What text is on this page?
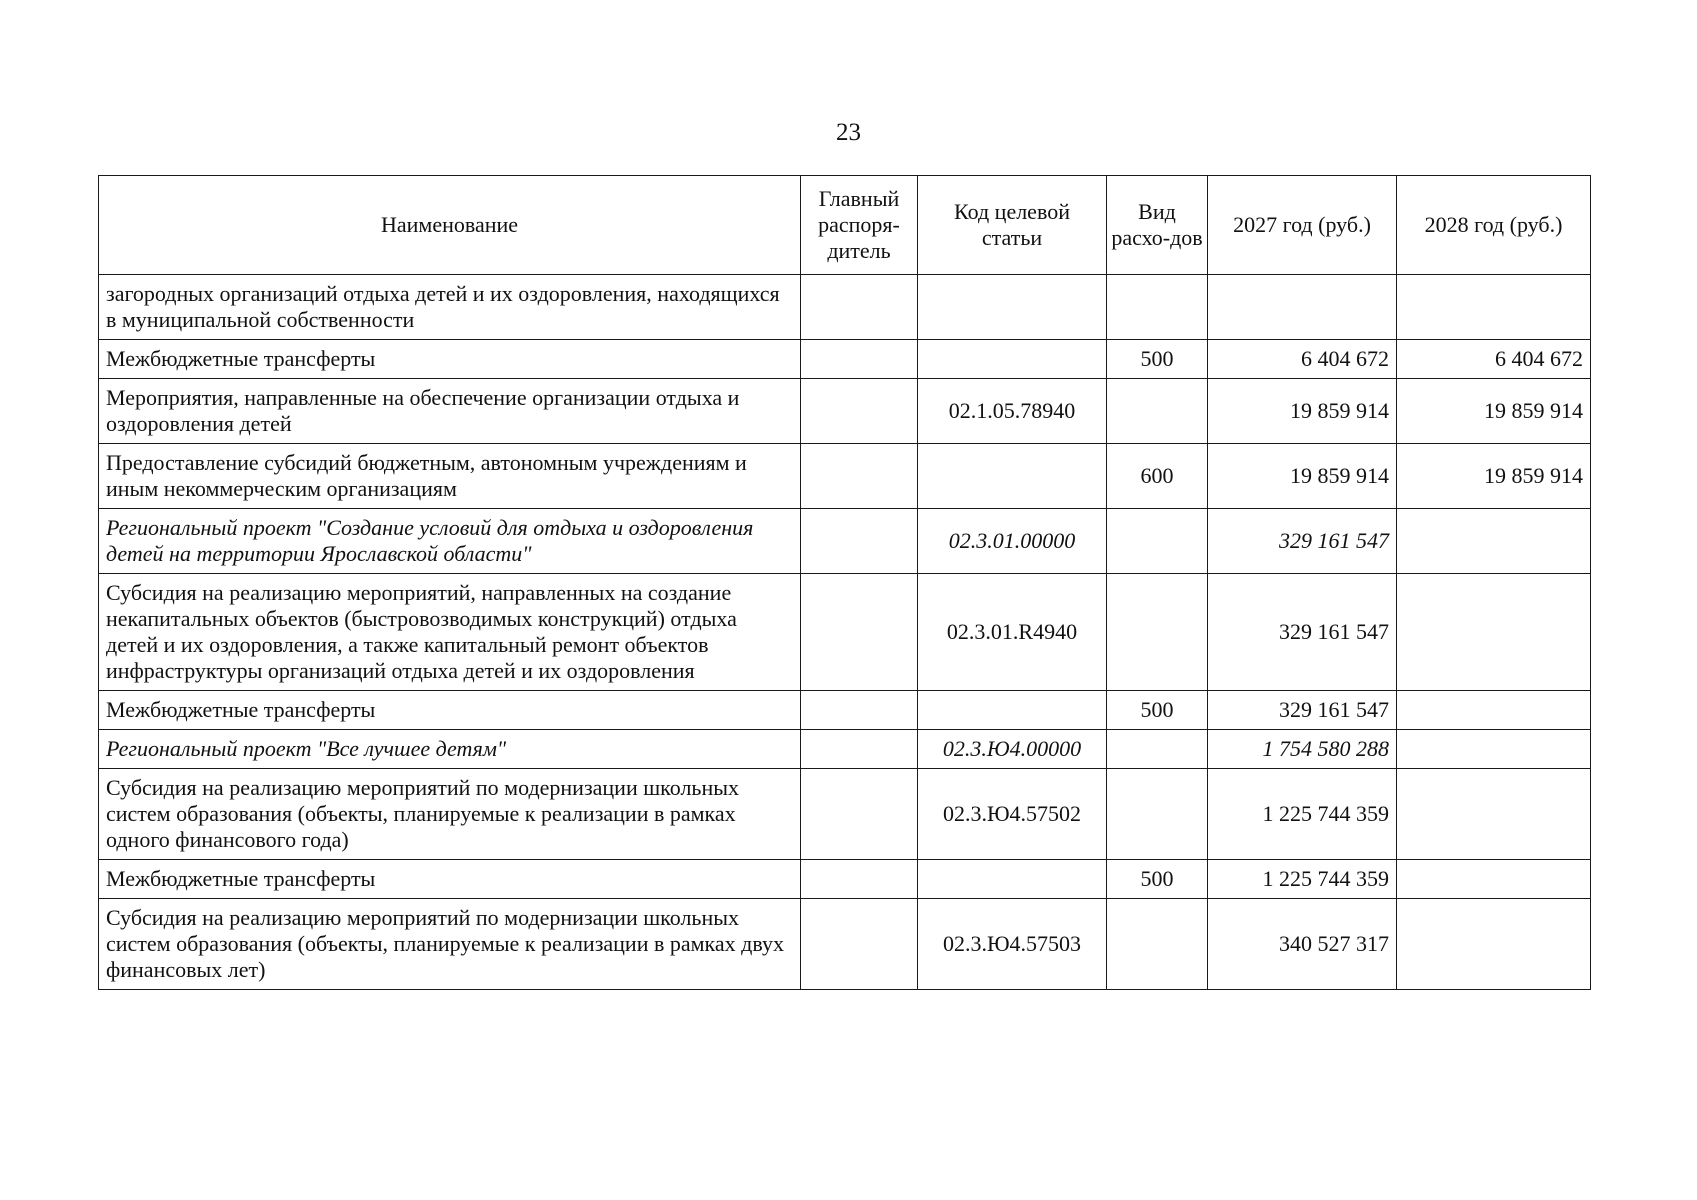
23
Наименование	Главный распоря-дитель	Код целевой статьи	Вид расхо-дов	2027 год (руб.)	2028 год (руб.)
загородных организаций отдыха детей и их оздоровления, находящихся в муниципальной собственности					
Межбюджетные трансферты			500	6 404 672	6 404 672
Мероприятия, направленные на обеспечение организации отдыха и оздоровления детей		02.1.05.78940		19 859 914	19 859 914
Предоставление субсидий бюджетным, автономным учреждениям и иным некоммерческим организациям			600	19 859 914	19 859 914
Региональный проект "Создание условий для отдыха и оздоровления детей на территории Ярославской области"		02.3.01.00000		329 161 547	
Субсидия на реализацию мероприятий, направленных на создание некапитальных объектов (быстровозводимых конструкций) отдыха детей и их оздоровления, а также капитальный ремонт объектов инфраструктуры организаций отдыха детей и их оздоровления		02.3.01.R4940		329 161 547	
Межбюджетные трансферты			500	329 161 547	
Региональный проект "Все лучшее детям"		02.3.Ю4.00000		1 754 580 288	
Субсидия на реализацию мероприятий по модернизации школьных систем образования (объекты, планируемые к реализации в рамках одного финансового года)		02.3.Ю4.57502		1 225 744 359	
Межбюджетные трансферты			500	1 225 744 359	
Субсидия на реализацию мероприятий по модернизации школьных систем образования (объекты, планируемые к реализации в рамках двух финансовых лет)		02.3.Ю4.57503		340 527 317	
